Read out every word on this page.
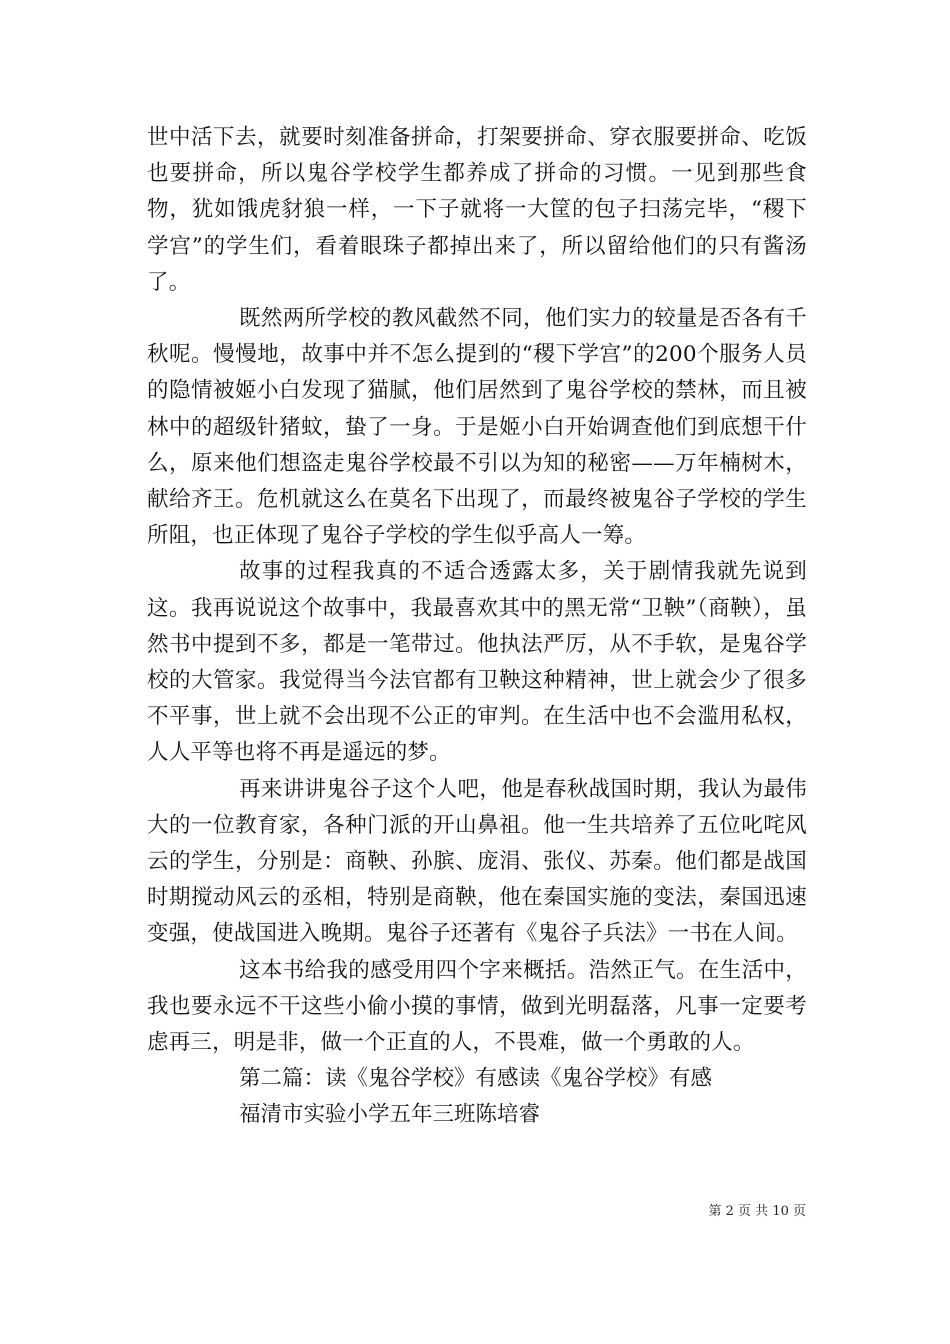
世中活下去，就要时刻准备拼命，打架要拼命、穿衣服要拼命、吃饭也要拼命，所以鬼谷学校学生都养成了拼命的习惯。一见到那些食物，犹如饿虎豺狼一样，一下子就将一大筐的包子扫荡完毕，“稷下学宫”的学生们，看着眼珠子都掉出来了，所以留给他们的只有酱汤了。

既然两所学校的教风截然不同，他们实力的较量是否各有千秋呢。慢慢地，故事中并不怎么提到的“稷下学宫”的200个服务人员的隐情被姬小白发现了猫腻，他们居然到了鬼谷学校的禁林，而且被林中的超级针猪蚊，蛰了一身。于是姬小白开始调查他们到底想干什么，原来他们想盗走鬼谷学校最不引以为知的秘密——万年楠树木，献给齐王。危机就这么在莫名下出现了，而最终被鬼谷子学校的学生所阻，也正体现了鬼谷子学校的学生似乎高人一筹。

故事的过程我真的不适合透露太多，关于剧情我就先说到这。我再说说这个故事中，我最喜欢其中的黑无常“卫鞅”（商鞅），虽然书中提到不多，都是一笔带过。他执法严厉，从不手软，是鬼谷学校的大管家。我觉得当今法官都有卫鞅这种精神，世上就会少了很多不平事，世上就不会出现不公正的审判。在生活中也不会滥用私权，人人平等也将不再是遥远的梦。

再来讲讲鬼谷子这个人吧，他是春秋战国时期，我认为最伟大的一位教育家，各种门派的开山鼻祖。他一生共培养了五位叱咤风云的学生，分别是：商鞅、孙膑、庞涓、张仪、苏秦。他们都是战国时期搅动风云的丞相，特别是商鞅，他在秦国实施的变法，秦国迅速变强，使战国进入晚期。鬼谷子还著有《鬼谷子兵法》一书在人间。

这本书给我的感受用四个字来概括。浩然正气。在生活中，我也要永远不干这些小偷小摸的事情，做到光明磊落，凡事一定要考虑再三，明是非，做一个正直的人，不畏难，做一个勇敢的人。

第二篇：读《鬼谷学校》有感读《鬼谷学校》有感

福清市实验小学五年三班陈培睿

第 2 页 共 10 页
